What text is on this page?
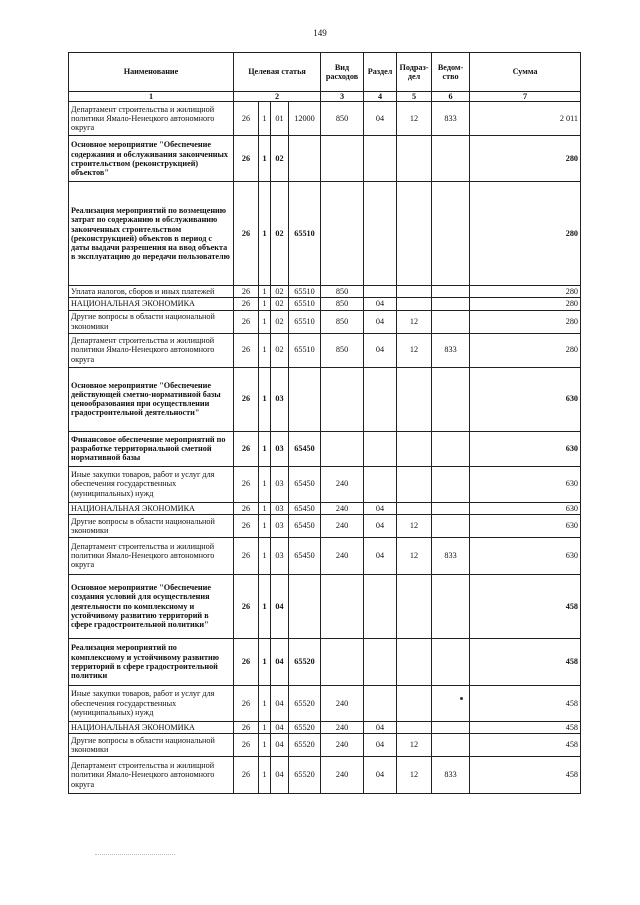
149
Наименование	Целевая статья				Вид расходов	Раздел	Подраз-дел	Ведом-ство	Сумма
1	2				3	4	5	6	7
Департамент строительства и жилищной политики Ямало-Ненецкого автономного округа	26	1	01	12000	850	04	12	833	2 011
Основное мероприятие "Обеспечение содержания и обслуживания законченных строительством (реконструкцией) объектов"	26	1	02						280
Реализация мероприятий по возмещению затрат по содержанию и обслуживанию законченных строительством (реконструкцией) объектов в период с даты выдачи разрешения на ввод объекта в эксплуатацию до передачи пользователю	26	1	02	65510					280
Уплата налогов, сборов и иных платежей	26	1	02	65510	850				280
НАЦИОНАЛЬНАЯ ЭКОНОМИКА	26	1	02	65510	850	04			280
Другие вопросы в области национальной экономики	26	1	02	65510	850	04	12		280
Департамент строительства и жилищной политики Ямало-Ненецкого автономного округа	26	1	02	65510	850	04	12	833	280
Основное мероприятие "Обеспечение действующей сметно-нормативной базы ценообразования при осуществлении градостроительной деятельности"	26	1	03						630
Финансовое обеспечение мероприятий по разработке территориальной сметной нормативной базы	26	1	03	65450					630
Иные закупки товаров, работ и услуг для обеспечения государственных (муниципальных) нужд	26	1	03	65450	240				630
НАЦИОНАЛЬНАЯ ЭКОНОМИКА	26	1	03	65450	240	04			630
Другие вопросы в области национальной экономики	26	1	03	65450	240	04	12		630
Департамент строительства и жилищной политики Ямало-Ненецкого автономного округа	26	1	03	65450	240	04	12	833	630
Основное мероприятие "Обеспечение создания условий для осуществления деятельности по комплексному и устойчивому развитию территорий в сфере градостроительной политики"	26	1	04						458
Реализация мероприятий по комплексному и устойчивому развитию территорий в сфере градостроительной политики	26	1	04	65520					458
Иные закупки товаров, работ и услуг для обеспечения государственных (муниципальных) нужд	26	1	04	65520	240				458
НАЦИОНАЛЬНАЯ ЭКОНОМИКА	26	1	04	65520	240	04			458
Другие вопросы в области национальной экономики	26	1	04	65520	240	04	12		458
Департамент строительства и жилищной политики Ямало-Ненецкого автономного округа	26	1	04	65520	240	04	12	833	458
